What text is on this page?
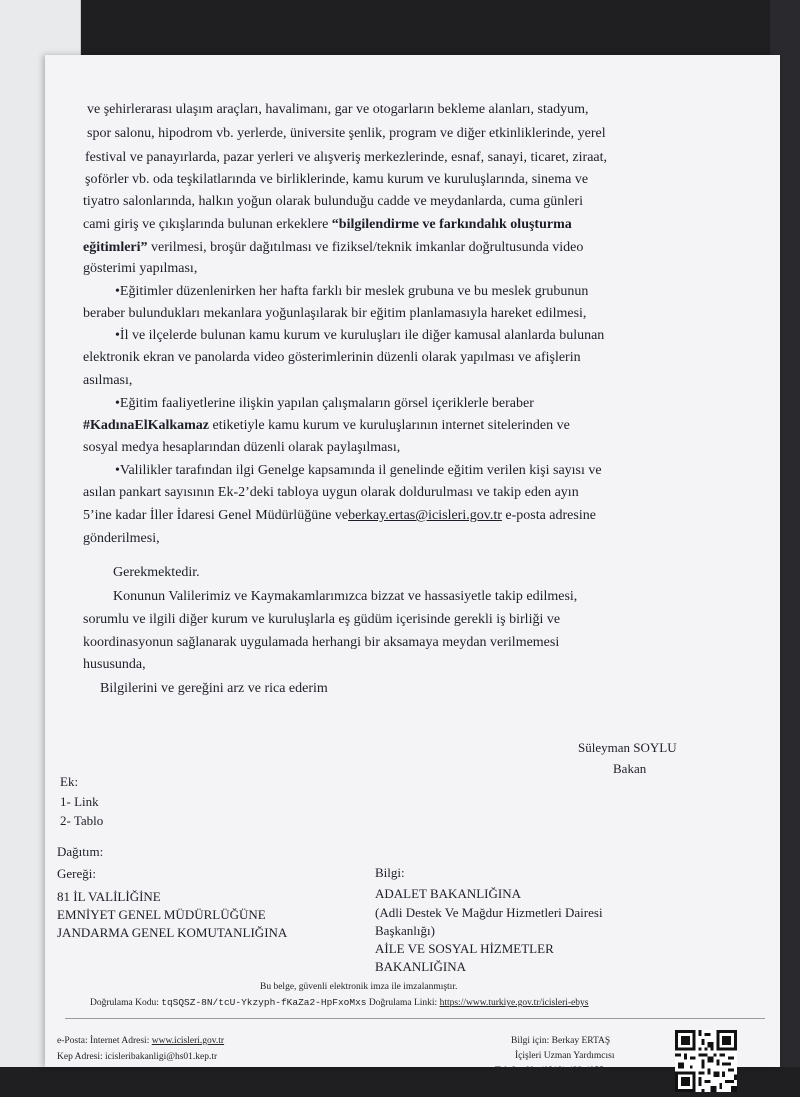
ve şehirlerarası ulaşım araçları, havalimanı, gar ve otogarların bekleme alanları, stadyum,
spor salonu, hipodrom vb. yerlerde, üniversite şenlik, program ve diğer etkinliklerinde, yerel
festival ve panayırlarda, pazar yerleri ve alışveriş merkezlerinde, esnaf, sanayi, ticaret, ziraat,
şoförler vb. oda teşkilatlarında ve birliklerinde, kamu kurum ve kuruluşlarında, sinema ve
tiyatro salonlarında, halkın yoğun olarak bulunduğu cadde ve meydanlarda, cuma günleri
cami giriş ve çıkışlarında bulunan erkeklere “bilgilendirme ve farkındalık oluşturma
eğitimleri” verilmesi, broşür dağıtılması ve fiziksel/teknik imkanlar doğrultusunda video
gösterimi yapılması,
•Eğitimler düzenlenirken her hafta farklı bir meslek grubuna ve bu meslek grubunun
beraber bulundukları mekanlara yoğunlaşılarak bir eğitim planlamasıyla hareket edilmesi,
•İl ve ilçelerde bulunan kamu kurum ve kuruluşları ile diğer kamusal alanlarda bulunan
elektronik ekran ve panolarda video gösterimlerinin düzenli olarak yapılması ve afişlerin
asılması,
•Eğitim faaliyetlerine ilişkin yapılan çalışmaların görsel içeriklerle beraber
#KadınaElKalkamaz etiketiyle kamu kurum ve kuruluşlarının internet sitelerinden ve
sosyal medya hesaplarından düzenli olarak paylaşılması,
•Valilikler tarafından ilgi Genelge kapsamında il genelinde eğitim verilen kişi sayısı ve
asılan pankart sayısının Ek-2’deki tabloya uygun olarak doldurulması ve takip eden ayın
5’ine kadar İller İdaresi Genel Müdürlüğüne veberkay.ertas@icisleri.gov.tr e-posta adresine
gönderilmesi,
Gerekmektedir.
Konunun Valilerimiz ve Kaymakamlarımızca bizzat ve hassasiyetle takip edilmesi,
sorumlu ve ilgili diğer kurum ve kuruluşlarla eş güdüm içerisinde gerekli iş birliği ve
koordinasyonun sağlanarak uygulamada herhangi bir aksamaya meydan verilmemesi
hususunda,
Bilgilerini ve gereğini arz ve rica ederim
Süleyman SOYLU
Bakan
Ek:
1- Link
2- Tablo
Dağıtım:
Gereği:
81 İL VALİLİĞİNE
EMNİYET GENEL MÜDÜRLÜĞÜNE
JANDARMA GENEL KOMUTANLIĞINA
Bilgi:
ADALET BAKANLIĞINA
(Adli Destek Ve Mağdur Hizmetleri Dairesi
Başkanlığı)
AİLE VE SOSYAL HİZMETLER
BAKANLIĞINA
Bu belge, güvenli elektronik imza ile imzalanmıştır.
Doğrulama Kodu: tqSQSZ-8N/tcU-Ykzyph-fKaZa2-HpFxoMxs Doğrulama Linki: https://www.turkiye.gov.tr/icisleri-ebys
e-Posta: İnternet Adresi: www.icisleri.gov.tr
Kep Adresi: icisleribakanligi@hs01.kep.tr
Bilgi için: Berkay ERTAŞ
İçişleri Uzman Yardımcısı
Telefon No:(0312) 422 4955
2
